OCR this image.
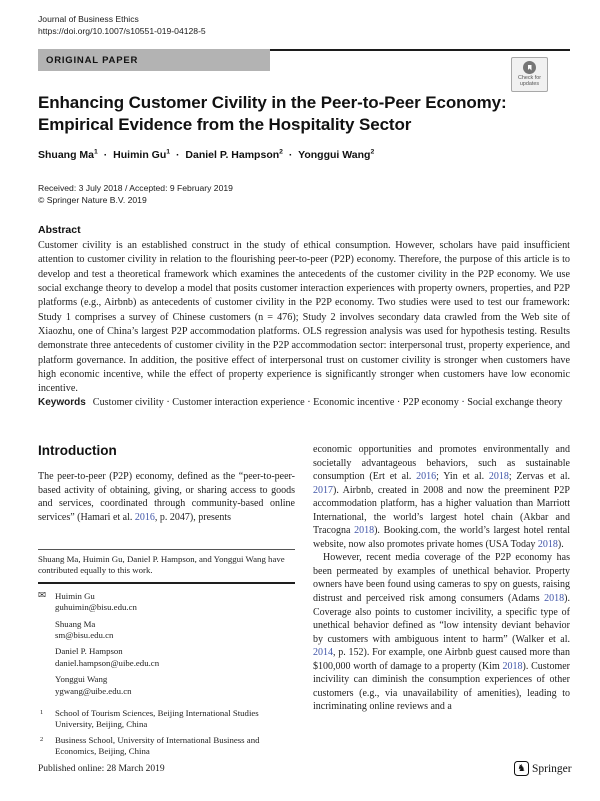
Journal of Business Ethics
https://doi.org/10.1007/s10551-019-04128-5
ORIGINAL PAPER
Check for
updates
Enhancing Customer Civility in the Peer-to-Peer Economy: Empirical Evidence from the Hospitality Sector
Shuang $Ma^1 \cdot Huimin$ $Gu^1$ · Daniel P. Hampson$^2$ · Yonggui Wang$^2$
Received: 3 July 2018 / Accepted: 9 February 2019
© Springer Nature B.V. 2019
Abstract
Customer civility is an established construct in the study of ethical consumption. However, scholars have paid insufficient attention to customer civility in relation to the flourishing peer-to-peer (P2P) economy. Therefore, the purpose of this article is to develop and test a theoretical framework which examines the antecedents of the customer civility in the P2P economy. We use social exchange theory to develop a model that posits customer interaction experiences with property owners, properties, and P2P platforms (e.g., Airbnb) as antecedents of customer civility in the P2P economy. Two studies were used to test our framework: Study 1 comprises a survey of Chinese customers (n = 476); Study 2 involves secondary data crawled from the Web site of Xiaozhu, one of China’s largest P2P accommodation platforms. OLS regression analysis was used for hypothesis testing. Results demonstrate three antecedents of customer civility in the P2P accommodation sector: interpersonal trust, property experience, and platform governance. In addition, the positive effect of interpersonal trust on customer civility is stronger when customers have high economic incentive, while the effect of property experience is significantly stronger when customers have low economic incentive.
Keywords Customer civility · Customer interaction experience · Economic incentive · P2P economy · Social exchange theory
Introduction
The peer-to-peer (P2P) economy, defined as the “peer-to-peer-based activity of obtaining, giving, or sharing access to goods and services, coordinated through community-based online services” (Hamari et al. 2016, p. 2047), presents
Shuang Ma, Huimin Gu, Daniel P. Hampson, and Yonggui Wang have contributed equally to this work.
✉ Huimin Gu
guhuimin@bisu.edu.cn
Shuang Ma
sm@bisu.edu.cn
Daniel P. Hampson
daniel.hampson@uibe.edu.cn
Yonggui Wang
ygwang@uibe.edu.cn
1 School of Tourism Sciences, Beijing International Studies University, Beijing, China
2 Business School, University of International Business and Economics, Beijing, China

economic opportunities and promotes environmentally and societally advantageous behaviors, such as sustainable consumption (Ert et al. 2016; Yin et al. 2018; Zervas et al. 2017). Airbnb, created in 2008 and now the preeminent P2P accommodation platform, has a higher valuation than Marriott International, the world’s largest hotel chain (Akbar and Tracogna 2018). Booking.com, the world’s largest hotel rental website, now also promotes private homes (USA Today 2018).

However, recent media coverage of the P2P economy has been permeated by examples of unethical behavior. Property owners have been found using cameras to spy on guests, raising distrust and perceived risk among consumers (Adams 2018). Coverage also points to customer incivility, a specific type of unethical behavior defined as “low intensity deviant behavior by customers with ambiguous intent to harm” (Walker et al. 2014, p. 152). For example, one Airbnb guest caused more than $100,000 worth of damage to a property (Kim 2018). Customer incivility can diminish the consumption experiences of other customers (e.g., via unavailability of amenities), leading to incriminating online reviews and a

Published online: 28 March 2019	♞ Springer
